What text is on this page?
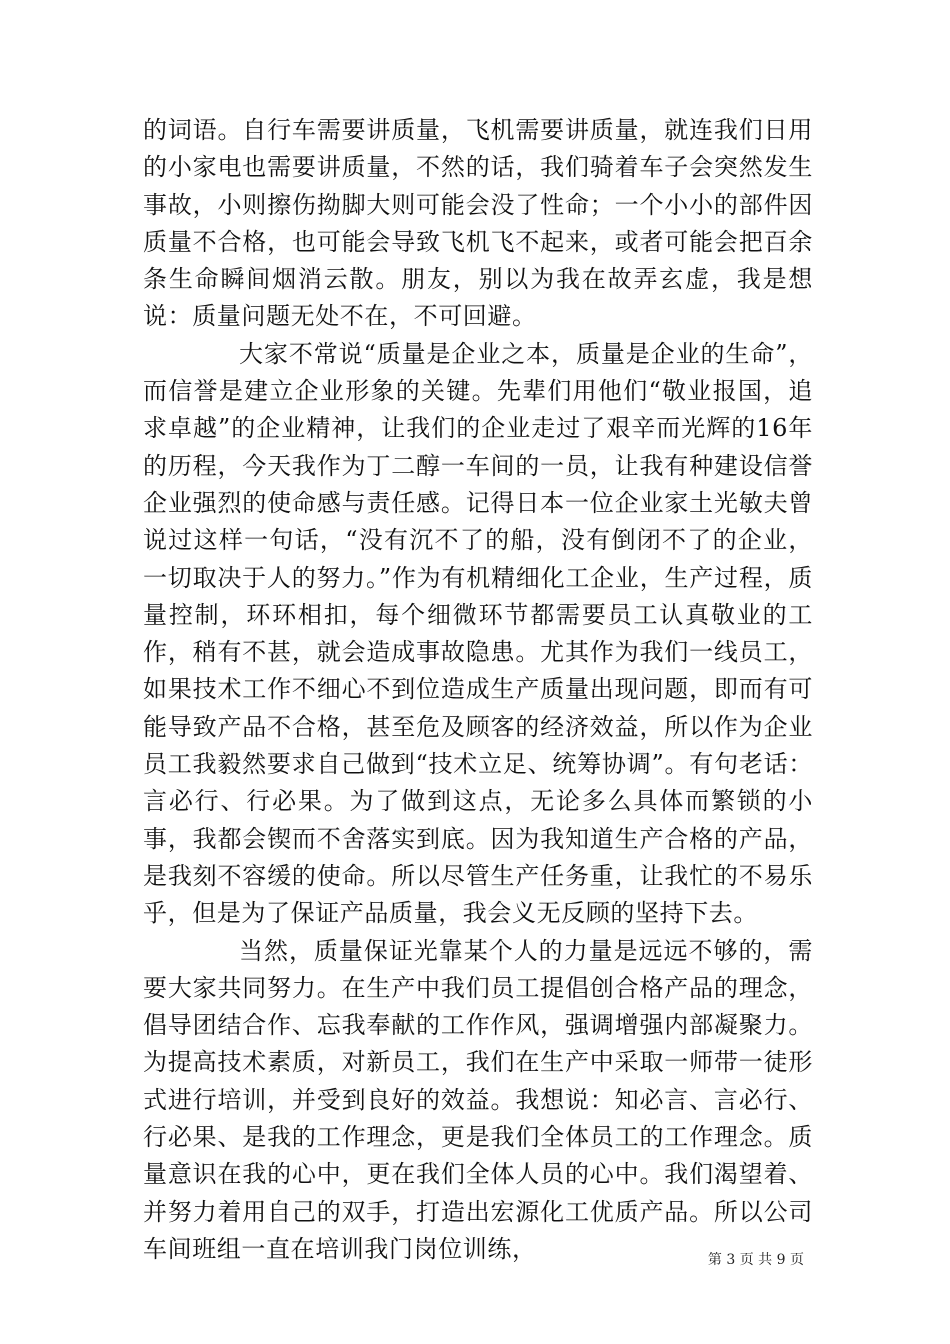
的词语。自行车需要讲质量，飞机需要讲质量，就连我们日用的小家电也需要讲质量，不然的话，我们骑着车子会突然发生事故，小则擦伤拗脚大则可能会没了性命；一个小小的部件因质量不合格，也可能会导致飞机飞不起来，或者可能会把百余条生命瞬间烟消云散。朋友，别以为我在故弄玄虚，我是想说：质量问题无处不在，不可回避。

大家不常说“质量是企业之本，质量是企业的生命”，而信誉是建立企业形象的关键。先辈们用他们“敬业报国，追求卓越”的企业精神，让我们的企业走过了艰辛而光辉的16年的历程，今天我作为丁二醇一车间的一员，让我有种建设信誉企业强烈的使命感与责任感。记得日本一位企业家土光敏夫曾说过这样一句话，“没有沉不了的船，没有倒闭不了的企业，一切取决于人的努力。”作为有机精细化工企业，生产过程，质量控制，环环相扣，每个细微环节都需要员工认真敬业的工作，稍有不甚，就会造成事故隐患。尤其作为我们一线员工，如果技术工作不细心不到位造成生产质量出现问题，即而有可能导致产品不合格，甚至危及顾客的经济效益，所以作为企业员工我毅然要求自己做到“技术立足、统筹协调”。有句老话：言必行、行必果。为了做到这点，无论多么具体而繁锁的小事，我都会锲而不舍落实到底。因为我知道生产合格的产品，是我刻不容缓的使命。所以尽管生产任务重，让我忙的不易乐乎，但是为了保证产品质量，我会义无反顾的坚持下去。

当然，质量保证光靠某个人的力量是远远不够的，需要大家共同努力。在生产中我们员工提倡创合格产品的理念，倡导团结合作、忘我奉献的工作作风，强调增强内部凝聚力。为提高技术素质，对新员工，我们在生产中采取一师带一徒形式进行培训，并受到良好的效益。我想说：知必言、言必行、行必果、是我的工作理念，更是我们全体员工的工作理念。质量意识在我的心中，更在我们全体人员的心中。我们渴望着、并努力着用自己的双手，打造出宏源化工优质产品。所以公司车间班组一直在培训我门岗位训练，	第 3 页 共 9 页
